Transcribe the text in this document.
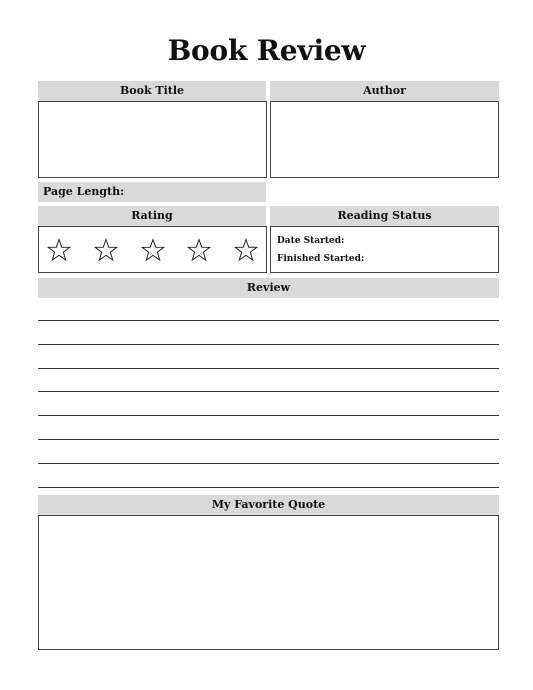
Book Review
Book Title	Author
Page Length:
Rating	Reading Status
Date Started:
Finished Started:
Review
My Favorite Quote
